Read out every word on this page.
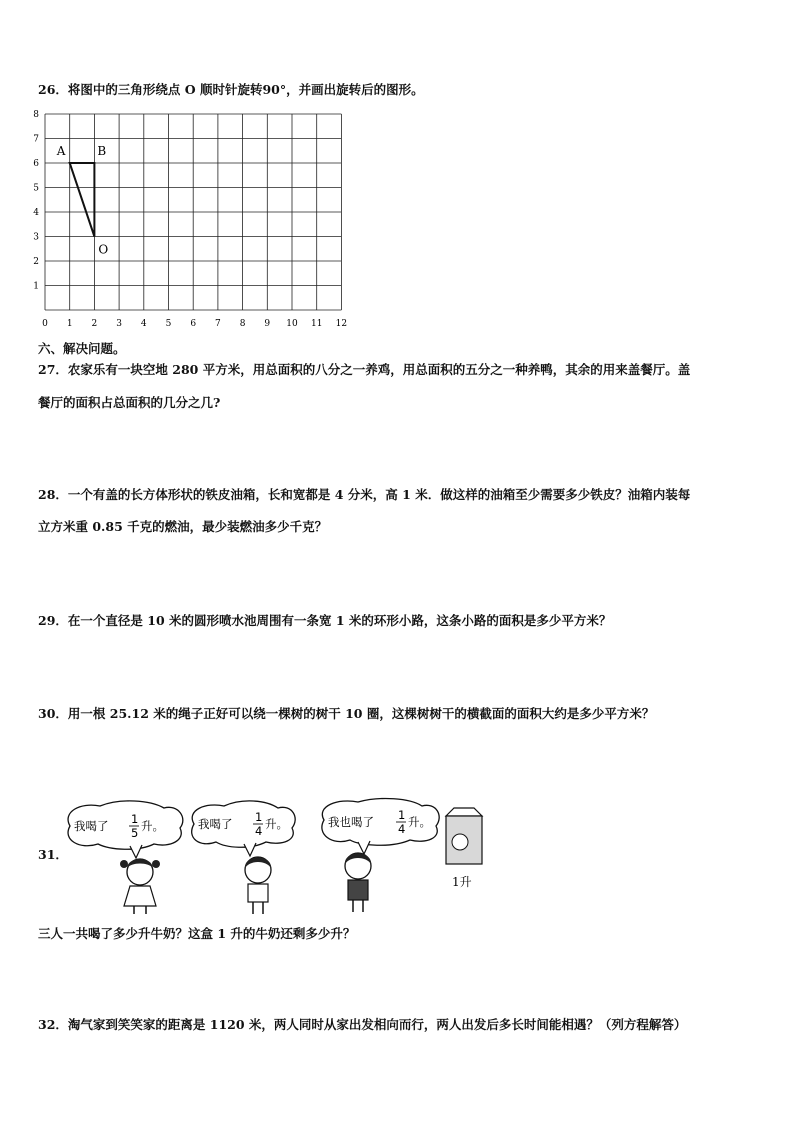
26．将图中的三角形绕点 O 顺时针旋转90°，并画出旋转后的图形。
0 1 2 3 4 5 6 7 8 9 10 11 12
1
2
3
4
5
6
7
8
A	B
O
六、解决问题。
27．农家乐有一块空地 280 平方米，用总面积的八分之一养鸡，用总面积的五分之一种养鸭，其余的用来盖餐厅。盖
餐厅的面积占总面积的几分之几?
28．一个有盖的长方体形状的铁皮油箱，长和宽都是 4 分米，高 1 米．做这样的油箱至少需要多少铁皮？油箱内装每
立方米重 0.85 千克的燃油，最少装燃油多少千克？
29．在一个直径是 10 米的圆形喷水池周围有一条宽 1 米的环形小路，这条小路的面积是多少平方米？
30．用一根 25.12 米的绳子正好可以绕一棵树的树干 10 圈，这棵树树干的横截面的面积大约是多少平方米？
31．
我喝了 1
5 升。	我喝了 1
4 升。	我也喝了 1
4 升。
1升
三人一共喝了多少升牛奶？这盒 1 升的牛奶还剩多少升？
32．淘气家到笑笑家的距离是 1120 米，两人同时从家出发相向而行，两人出发后多长时间能相遇？（列方程解答）
